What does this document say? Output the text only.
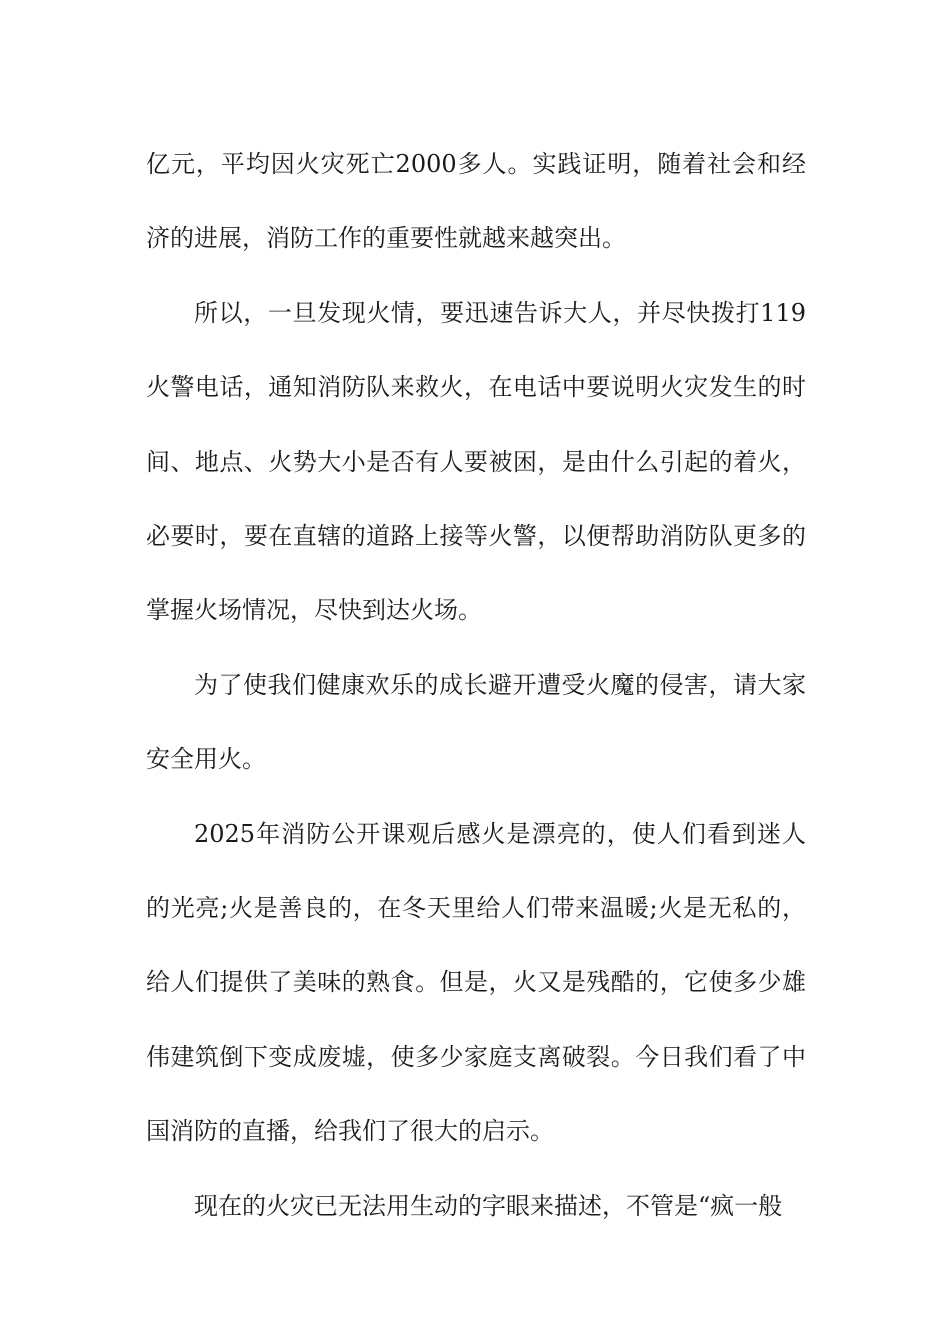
亿元，平均因火灾死亡2000多人。实践证明，随着社会和经济的进展，消防工作的重要性就越来越突出。

所以，一旦发现火情，要迅速告诉大人，并尽快拨打119火警电话，通知消防队来救火，在电话中要说明火灾发生的时间、地点、火势大小是否有人要被困，是由什么引起的着火，必要时，要在直辖的道路上接等火警，以便帮助消防队更多的掌握火场情况，尽快到达火场。

为了使我们健康欢乐的成长避开遭受火魔的侵害，请大家安全用火。

2025年消防公开课观后感火是漂亮的，使人们看到迷人的光亮;火是善良的，在冬天里给人们带来温暖;火是无私的，给人们提供了美味的熟食。但是，火又是残酷的，它使多少雄伟建筑倒下变成废墟，使多少家庭支离破裂。今日我们看了中国消防的直播，给我们了很大的启示。

现在的火灾已无法用生动的字眼来描述，不管是“疯一般
